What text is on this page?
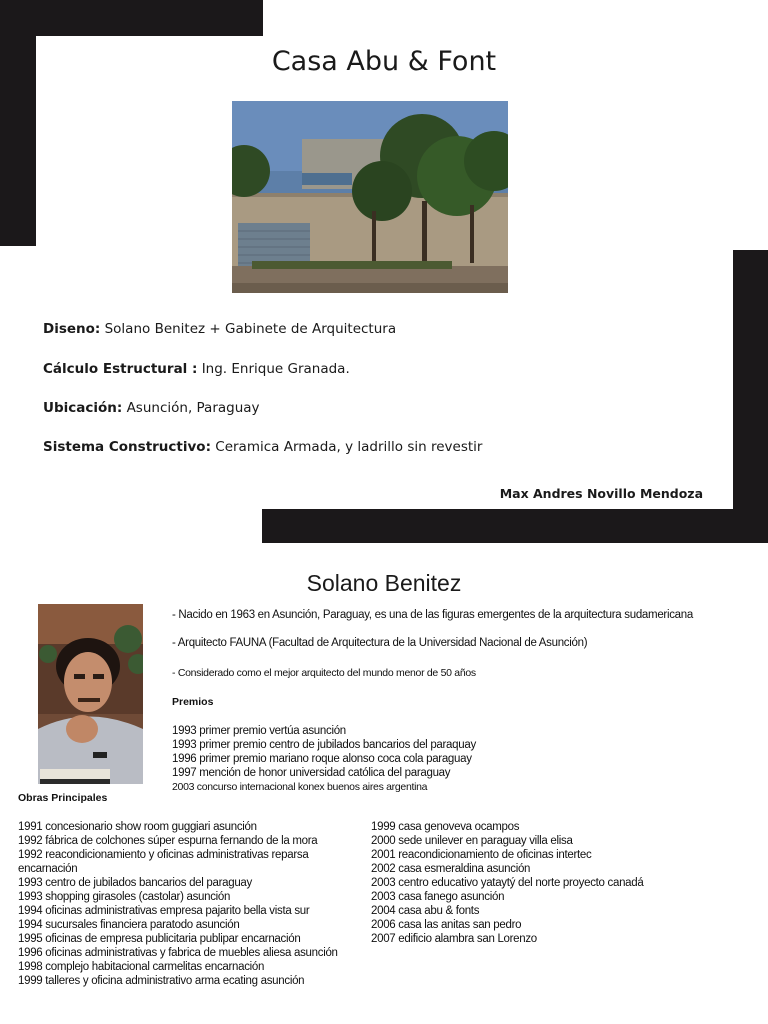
Casa Abu & Font
Diseno: Solano Benitez + Gabinete de Arquitectura
Cálculo Estructural : Ing. Enrique Granada.
Ubicación: Asunción, Paraguay
Sistema Constructivo: Ceramica Armada, y ladrillo sin revestir
Max Andres Novillo Mendoza
Solano Benitez
- Nacido en 1963 en Asunción, Paraguay, es una de las figuras emergentes de la arquitectura sudamericana
- Arquitecto FAUNA (Facultad de Arquitectura de la Universidad Nacional de Asunción)
- Considerado como el mejor arquitecto del mundo menor de 50 años
Premios
1993 primer premio vertúa asunción
1993 primer premio centro de jubilados bancarios del paraquay
1996 primer premio mariano roque alonso coca cola paraguay
1997 mención de honor universidad católica del paraguay
2003 concurso internacional konex buenos aires argentina
Obras Principales
1991 concesionario show room guggiari asunción
1992 fábrica de colchones súper espurna fernando de la mora
1992 reacondicionamiento y oficinas administrativas reparsa encarnación
1993 centro de jubilados bancarios del paraguay
1993 shopping girasoles (castolar) asunción
1994 oficinas administrativas empresa pajarito bella vista sur
1994 sucursales financiera paratodo asunción
1995 oficinas de empresa publicitaria publipar encarnación
1996 oficinas administrativas y fabrica de muebles aliesa asunción
1998 complejo habitacional carmelitas encarnación
1999 talleres y oficina administrativo arma ecating asunción
1999 casa genoveva ocampos
2000 sede unilever en paraguay villa elisa
2001 reacondicionamiento de oficinas intertec
2002 casa esmeraldina asunción
2003 centro educativo yataytý del norte proyecto canadá
2003 casa fanego asunción
2004 casa abu & fonts
2006 casa las anitas san pedro
2007 edificio alambra san Lorenzo
